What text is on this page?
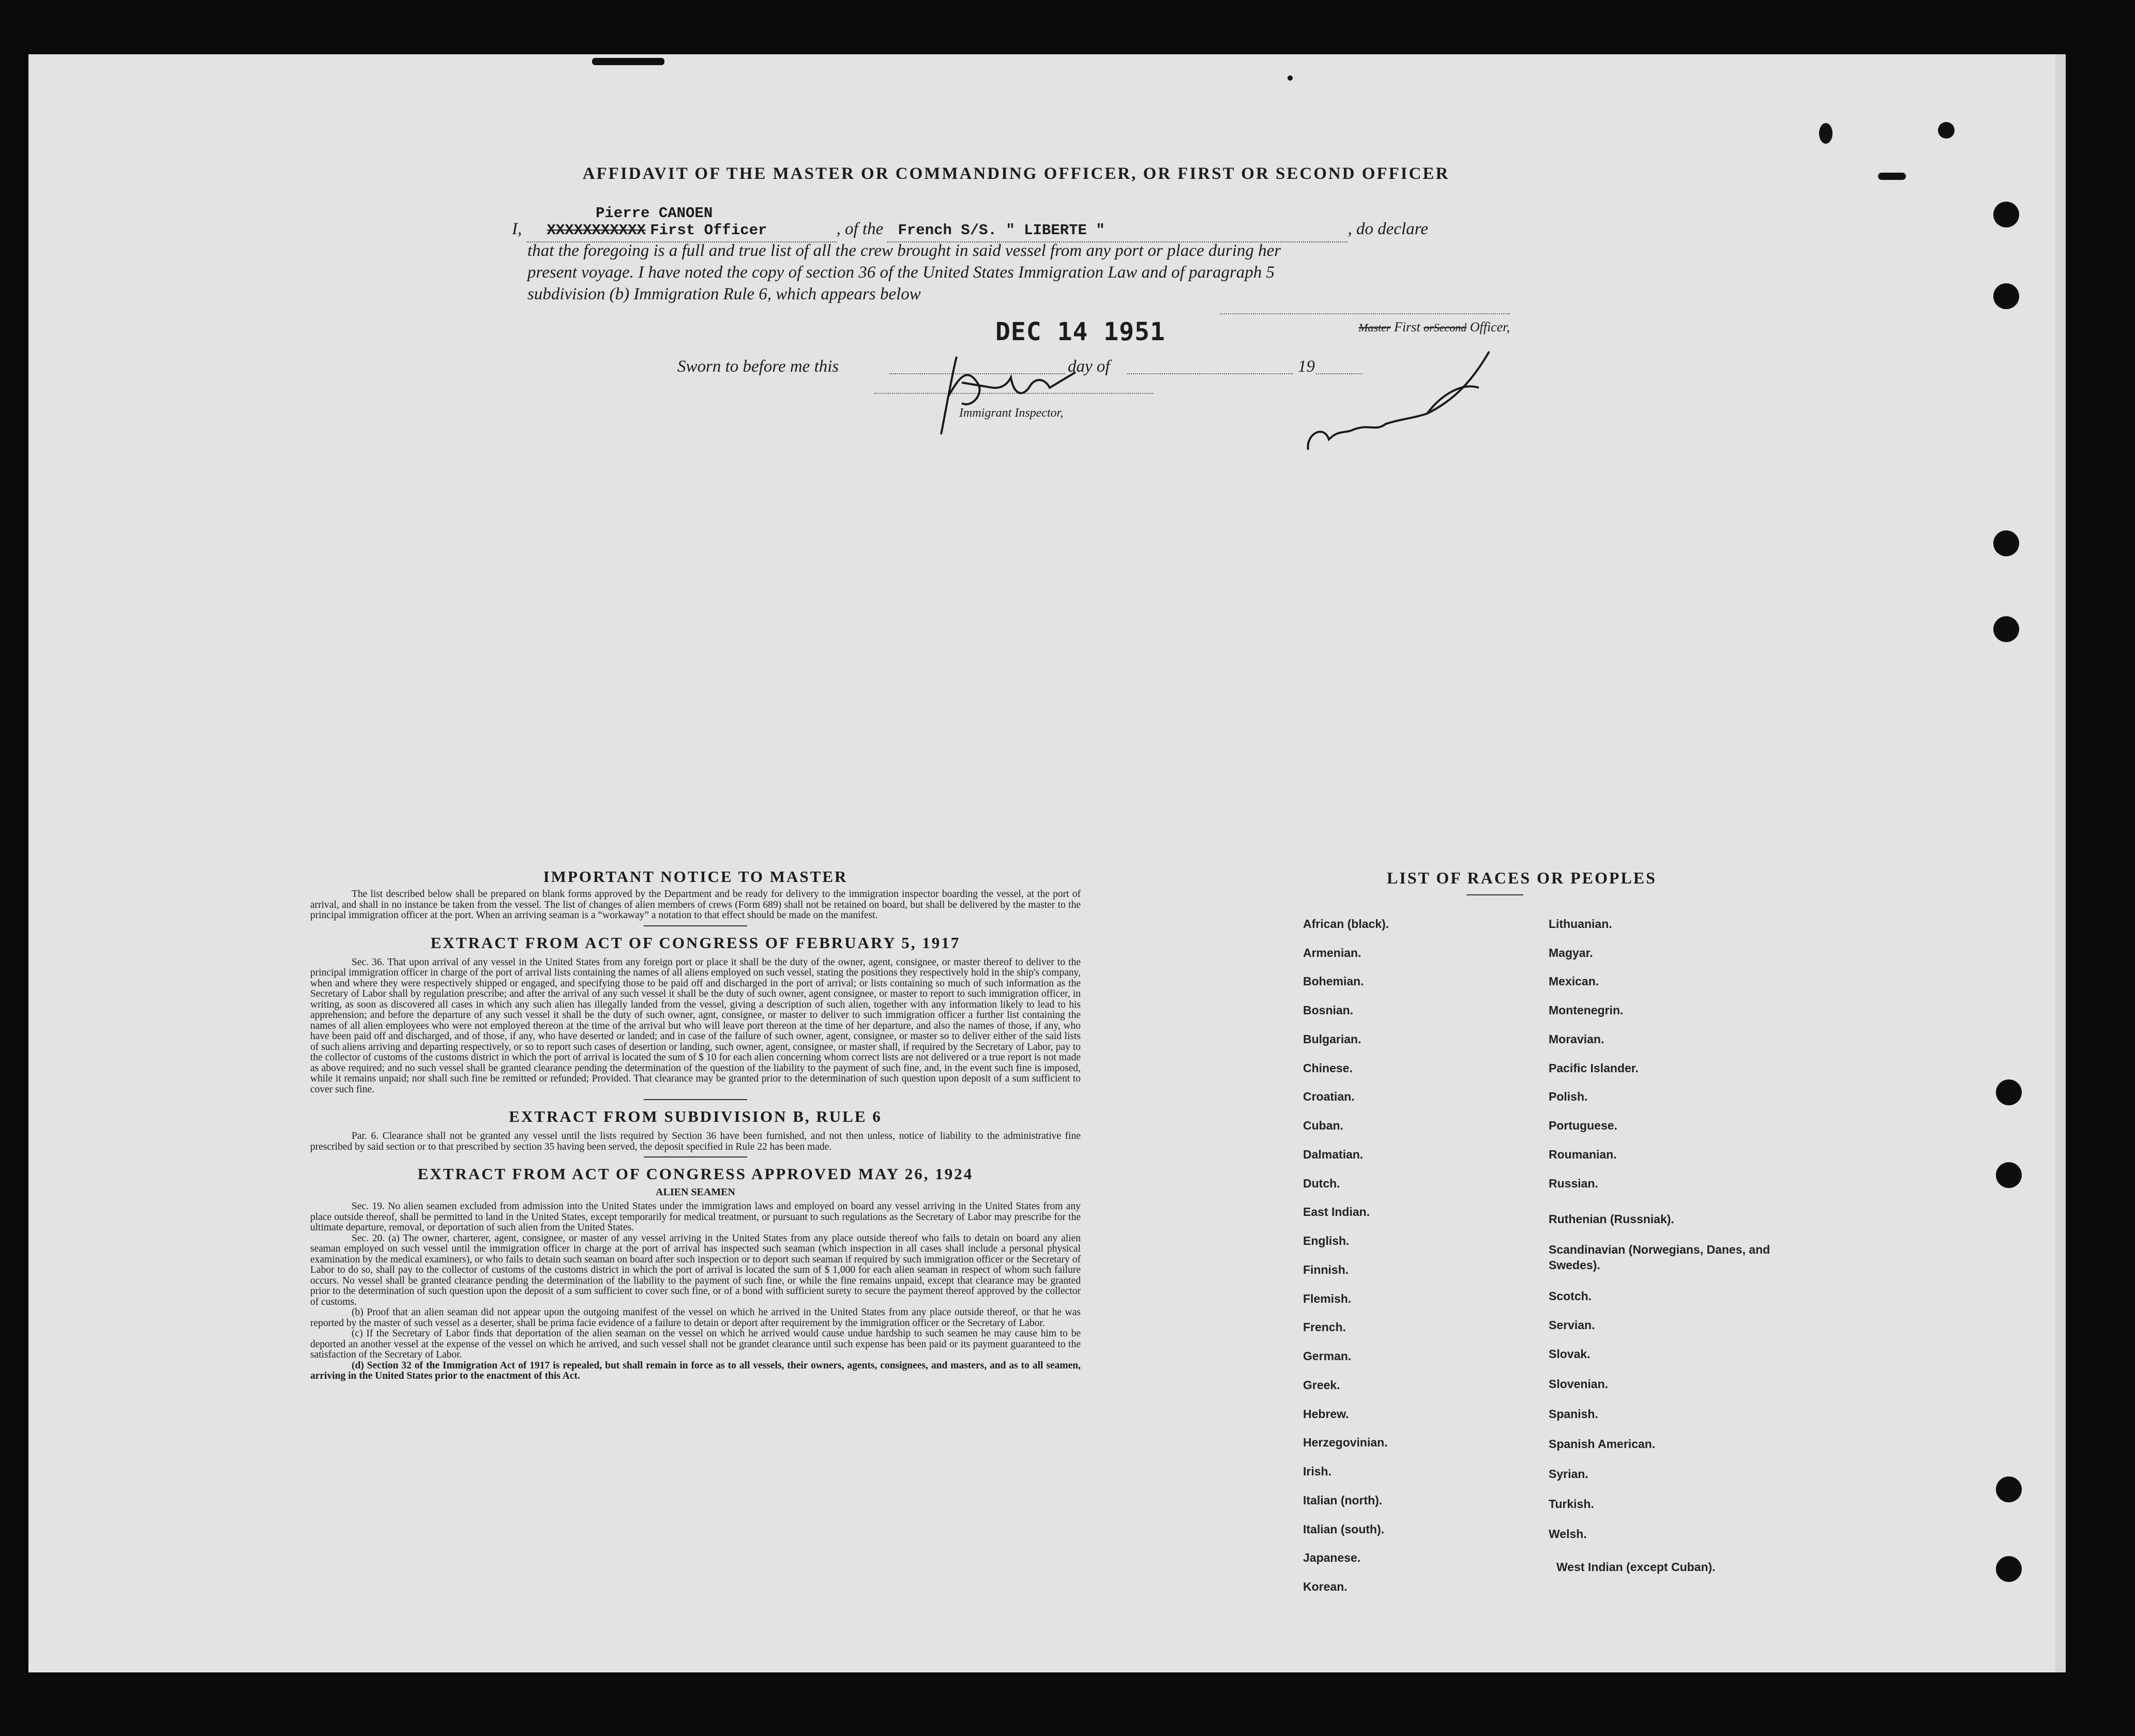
AFFIDAVIT OF THE MASTER OR COMMANDING OFFICER, OR FIRST OR SECOND OFFICER
Pierre CANOEN
I, XXXXXXXXXXX First Officer	, of the French S/S. " LIBERTE "	, do declare
that the foregoing is a full and true list of all the crew brought in said vessel from any port or place during her
present voyage. I have noted the copy of section 36 of the United States Immigration Law and of paragraph 5
subdivision (b) Immigration Rule 6, which appears below
Master First orSecond Officer,
DEC 14 1951
Sworn to before me this	day of	19
Immigrant Inspector,
IMPORTANT NOTICE TO MASTER

The list described below shall be prepared on blank forms approved by the Department and be ready for delivery to the immigration inspector boarding the vessel, at the port of arrival, and shall in no instance be taken from the vessel. The list of changes of alien members of crews (Form 689) shall not be retained on board, but shall be delivered by the master to the principal immigration officer at the port. When an arriving seaman is a “workaway” a notation to that effect should be made on the manifest.

EXTRACT FROM ACT OF CONGRESS OF FEBRUARY 5, 1917

Sec. 36. That upon arrival of any vessel in the United States from any foreign port or place it shall be the duty of the owner, agent, consignee, or master thereof to deliver to the principal immigration officer in charge of the port of arrival lists containing the names of all aliens employed on such vessel, stating the positions they respectively hold in the ship's company, when and where they were respectively shipped or engaged, and specifying those to be paid off and discharged in the port of arrival; or lists containing so much of such information as the Secretary of Labor shall by regulation prescribe; and after the arrival of any such vessel it shall be the duty of such owner, agent consignee, or master to report to such immigration officer, in writing, as soon as discovered all cases in which any such alien has illegally landed from the vessel, giving a description of such alien, together with any information likely to lead to his apprehension; and before the departure of any such vessel it shall be the duty of such owner, agnt, consignee, or master to deliver to such immigration officer a further list containing the names of all alien employees who were not employed thereon at the time of the arrival but who will leave port thereon at the time of her departure, and also the names of those, if any, who have been paid off and discharged, and of those, if any, who have deserted or landed; and in case of the failure of such owner, agent, consignee, or master so to deliver either of the said lists of such aliens arriving and departing respectively, or so to report such cases of desertion or landing, such owner, agent, consignee, or master shall, if required by the Secretary of Labor, pay to the collector of customs of the customs district in which the port of arrival is located the sum of $ 10 for each alien concerning whom correct lists are not delivered or a true report is not made as above required; and no such vessel shall be granted clearance pending the determination of the question of the liability to the payment of such fine, and, in the event such fine is imposed, while it remains unpaid; nor shall such fine be remitted or refunded; Provided. That clearance may be granted prior to the determination of such question upon deposit of a sum sufficient to cover such fine.

EXTRACT FROM SUBDIVISION B, RULE 6

Par. 6. Clearance shall not be granted any vessel until the lists required by Section 36 have been furnished, and not then unless, notice of liability to the administrative fine prescribed by said section or to that prescribed by section 35 having been served, the deposit specified in Rule 22 has been made.

EXTRACT FROM ACT OF CONGRESS APPROVED MAY 26, 1924
ALIEN SEAMEN

Sec. 19. No alien seamen excluded from admission into the United States under the immigration laws and employed on board any vessel arriving in the United States from any place outside thereof, shall be permitted to land in the United States, except temporarily for medical treatment, or pursuant to such regulations as the Secretary of Labor may prescribe for the ultimate departure, removal, or deportation of such alien from the United States.

Sec. 20. (a) The owner, charterer, agent, consignee, or master of any vessel arriving in the United States from any place outside thereof who fails to detain on board any alien seaman employed on such vessel until the immigration officer in charge at the port of arrival has inspected such seaman (which inspection in all cases shall include a personal physical examination by the medical examiners), or who fails to detain such seaman on board after such inspection or to deport such seaman if required by such immigration officer or the Secretary of Labor to do so, shall pay to the collector of customs of the customs district in which the port of arrival is located the sum of $ 1,000 for each alien seaman in respect of whom such failure occurs. No vessel shall be granted clearance pending the determination of the liability to the payment of such fine, or while the fine remains unpaid, except that clearance may be granted prior to the determination of such question upon the deposit of a sum sufficient to cover such fine, or of a bond with sufficient surety to secure the payment thereof approved by the collector of customs.

(b) Proof that an alien seaman did not appear upon the outgoing manifest of the vessel on which he arrived in the United States from any place outside thereof, or that he was reported by the master of such vessel as a deserter, shall be prima facie evidence of a failure to detain or deport after requirement by the immigration officer or the Secretary of Labor.

(c) If the Secretary of Labor finds that deportation of the alien seaman on the vessel on which he arrived would cause undue hardship to such seamen he may cause him to be deported an another vessel at the expense of the vessel on which he arrived, and such vessel shall not be grandet clearance until such expense has been paid or its payment guaranteed to the satisfaction of the Secretary of Labor.

(d) Section 32 of the Immigration Act of 1917 is repealed, but shall remain in force as to all vessels, their owners, agents, consignees, and masters, and as to all seamen, arriving in the United States prior to the enactment of this Act.

LIST OF RACES OR PEOPLES
African (black).
Armenian.
Bohemian.
Bosnian.
Bulgarian.
Chinese.
Croatian.
Cuban.
Dalmatian.
Dutch.
East Indian.
English.
Finnish.
Flemish.
French.
German.
Greek.
Hebrew.
Herzegovinian.
Irish.
Italian (north).
Italian (south).
Japanese.
Korean.
Lithuanian.
Magyar.
Mexican.
Montenegrin.
Moravian.
Pacific Islander.
Polish.
Portuguese.
Roumanian.
Russian.
Ruthenian (Russniak).
Scandinavian (Norwegians, Danes, and Swedes).
Scotch.
Servian.
Slovak.
Slovenian.
Spanish.
Spanish American.
Syrian.
Turkish.
Welsh.
West Indian (except Cuban).
